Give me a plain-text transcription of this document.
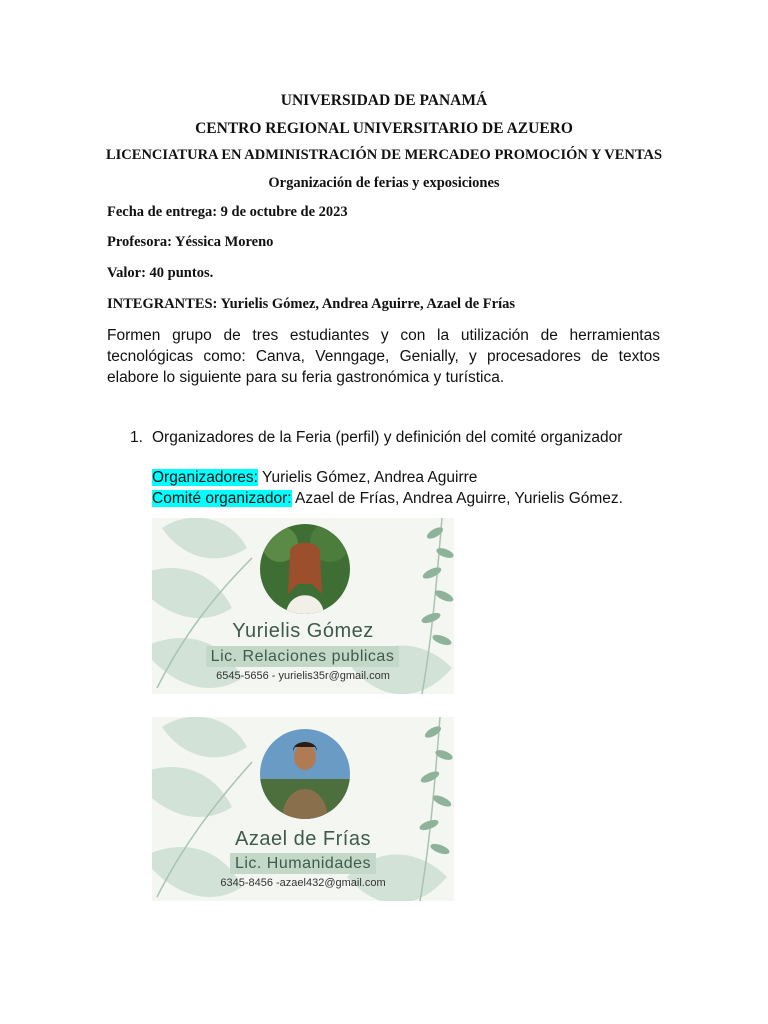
UNIVERSIDAD DE PANAMÁ
CENTRO REGIONAL UNIVERSITARIO DE AZUERO
LICENCIATURA EN ADMINISTRACIÓN DE MERCADEO PROMOCIÓN Y VENTAS
Organización de ferias y exposiciones
Fecha de entrega: 9 de octubre de 2023
Profesora: Yéssica Moreno
Valor: 40 puntos.
INTEGRANTES: Yurielis Gómez, Andrea Aguirre, Azael de Frías
Formen grupo de tres estudiantes y con la utilización de herramientas tecnológicas como: Canva, Venngage, Genially, y procesadores de textos elabore lo siguiente para su feria gastronómica y turística.
1. Organizadores de la Feria (perfil) y definición del comité organizador
Organizadores: Yurielis Gómez, Andrea Aguirre
Comité organizador: Azael de Frías, Andrea Aguirre, Yurielis Gómez.
Yurielis Gómez
Lic. Relaciones publicas
6545-5656 - yurielis35r@gmail.com
Azael de Frías
Lic. Humanidades
6345-8456 -azael432@gmail.com
